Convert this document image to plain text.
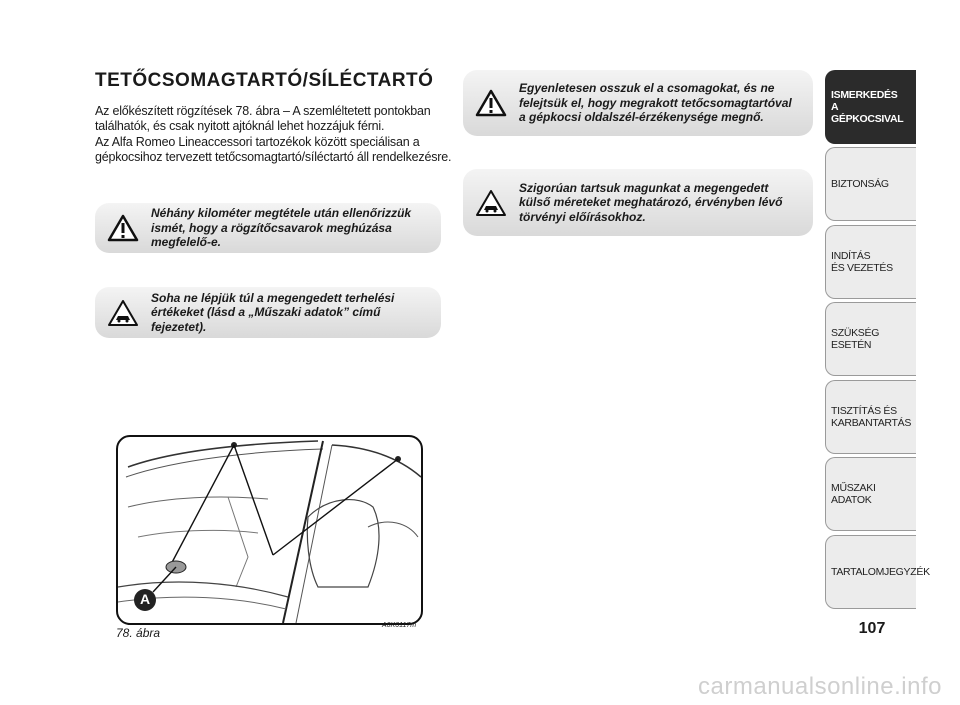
TETŐCSOMAGTARTÓ/SÍLÉCTARTÓ

Az előkészített rögzítések 78. ábra – A szemléltetett pontokban találhatók, és csak nyitott ajtóknál lehet hozzájuk férni.

Az Alfa Romeo Lineaccessori tartozékok között speciálisan a gépkocsihoz tervezett tetőcsomagtartó/síléctartó áll rendelkezésre.

Néhány kilométer megtétele után ellenőrizzük ismét, hogy a rögzítőcsavarok meghúzása megfelelő-e.
Soha ne lépjük túl a megengedett terhelési értékeket (lásd a „Műszaki adatok” című fejezetet).
Egyenletesen osszuk el a csomagokat, és ne felejtsük el, hogy megrakott tetőcsomagtartóval a gépkocsi oldalszél-érzékenysége megnő.
Szigorúan tartsuk magunkat a megengedett külső méreteket meghatározó, érvényben lévő törvényi előírásokhoz.
A
78. ábra
A0K0117m
ISMERKEDÉS
A GÉPKOCSIVAL
BIZTONSÁG
INDÍTÁS
ÉS VEZETÉS
SZÜKSÉG
ESETÉN
TISZTÍTÁS ÉS
KARBANTARTÁS
MŰSZAKI
ADATOK
TARTALOMJEGYZÉK
107
carmanualsonline.info
